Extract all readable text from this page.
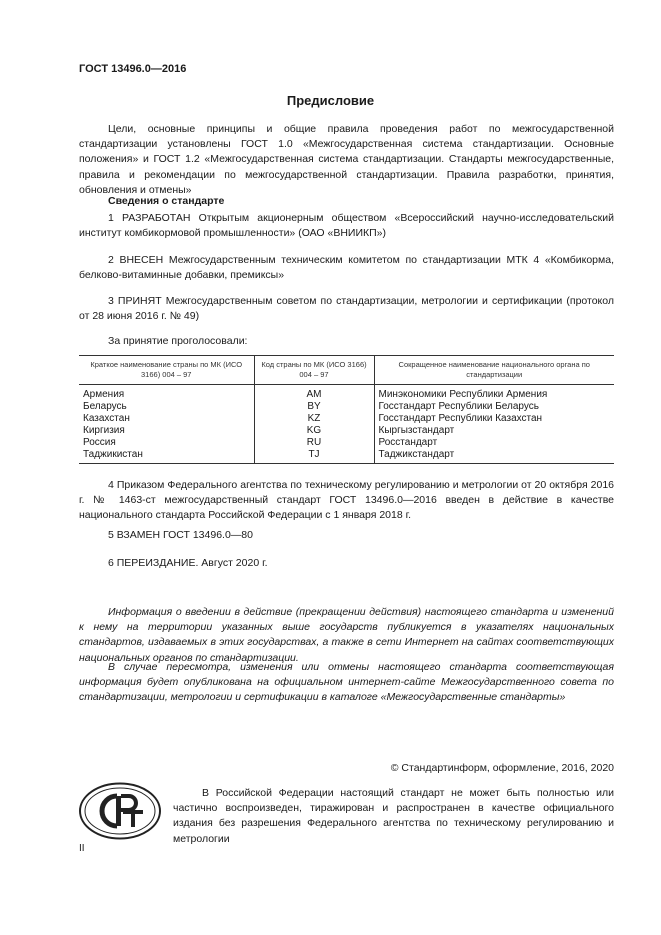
ГОСТ 13496.0—2016
Предисловие
Цели, основные принципы и общие правила проведения работ по межгосударственной стандартизации установлены ГОСТ 1.0 «Межгосударственная система стандартизации. Основные положения» и ГОСТ 1.2 «Межгосударственная система стандартизации. Стандарты межгосударственные, правила и рекомендации по межгосударственной стандартизации. Правила разработки, принятия, обновления и отмены»
Сведения о стандарте
1 РАЗРАБОТАН Открытым акционерным обществом «Всероссийский научно-исследовательский институт комбикормовой промышленности» (ОАО «ВНИИКП»)
2 ВНЕСЕН Межгосударственным техническим комитетом по стандартизации МТК 4 «Комбикорма, белково-витаминные добавки, премиксы»
3 ПРИНЯТ Межгосударственным советом по стандартизации, метрологии и сертификации (протокол от 28 июня 2016 г. № 49)
За принятие проголосовали:
Краткое наименование страны по МК (ИСО 3166) 004 – 97	Код страны по МК (ИСО 3166) 004 – 97	Сокращенное наименование национального органа по стандартизации
Армения	AM	Минэкономики Республики Армения
Беларусь	BY	Госстандарт Республики Беларусь
Казахстан	KZ	Госстандарт Республики Казахстан
Киргизия	KG	Кыргызстандарт
Россия	RU	Росстандарт
Таджикистан	TJ	Таджикстандарт
4 Приказом Федерального агентства по техническому регулированию и метрологии от 20 октября 2016 г. № 1463-ст межгосударственный стандарт ГОСТ 13496.0—2016 введен в действие в качестве национального стандарта Российской Федерации с 1 января 2018 г.
5 ВЗАМЕН ГОСТ 13496.0—80
6 ПЕРЕИЗДАНИЕ. Август 2020 г.
Информация о введении в действие (прекращении действия) настоящего стандарта и изменений к нему на территории указанных выше государств публикуется в указателях национальных стандартов, издаваемых в этих государствах, а также в сети Интернет на сайтах соответствующих национальных органов по стандартизации.
В случае пересмотра, изменения или отмены настоящего стандарта соответствующая информация будет опубликована на официальном интернет-сайте Межгосударственного совета по стандартизации, метрологии и сертификации в каталоге «Межгосударственные стандарты»
© Стандартинформ, оформление, 2016, 2020
В Российской Федерации настоящий стандарт не может быть полностью или частично воспроизведен, тиражирован и распространен в качестве официального издания без разрешения Федерального агентства по техническому регулированию и метрологии
II
